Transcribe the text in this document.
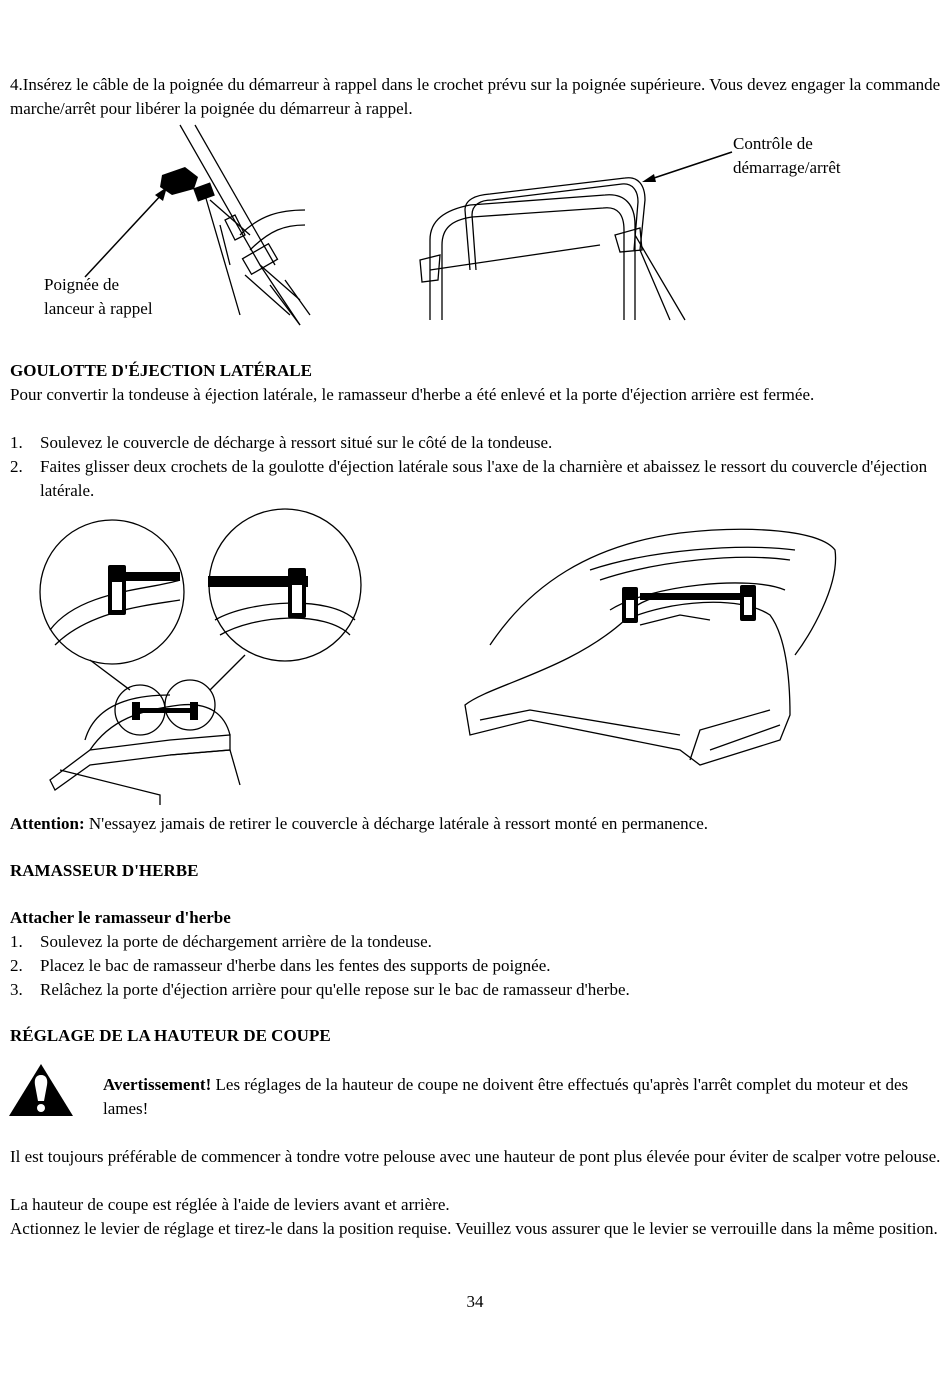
4.Insérez le câble de la poignée du démarreur à rappel dans le crochet prévu sur la poignée supérieure. Vous devez engager la commande marche/arrêt pour libérer la poignée du démarreur à rappel.
Poignée de
lanceur à rappel
Contrôle de
démarrage/arrêt
GOULOTTE D'ÉJECTION LATÉRALE
Pour convertir la tondeuse à éjection latérale, le ramasseur d'herbe a été enlevé et la porte d'éjection arrière est fermée.
1. Soulevez le couvercle de décharge à ressort situé sur le côté de la tondeuse.
2. Faites glisser deux crochets de la goulotte d'éjection latérale sous l'axe de la charnière et abaissez le ressort du couvercle d'éjection latérale.
Attention: N'essayez jamais de retirer le couvercle à décharge latérale à ressort monté en permanence.
RAMASSEUR D'HERBE
Attacher le ramasseur d'herbe
1. Soulevez la porte de déchargement arrière de la tondeuse.
2. Placez le bac de ramasseur d'herbe dans les fentes des supports de poignée.
3. Relâchez la porte d'éjection arrière pour qu'elle repose sur le bac de ramasseur d'herbe.
RÉGLAGE DE LA HAUTEUR DE COUPE
Avertissement! Les réglages de la hauteur de coupe ne doivent être effectués qu'après l'arrêt complet du moteur et des lames!
Il est toujours préférable de commencer à tondre votre pelouse avec une hauteur de pont plus élevée pour éviter de scalper votre pelouse.
La hauteur de coupe est réglée à l'aide de leviers avant et arrière.
Actionnez le levier de réglage et tirez-le dans la position requise. Veuillez vous assurer que le levier se verrouille dans la même position.
34
